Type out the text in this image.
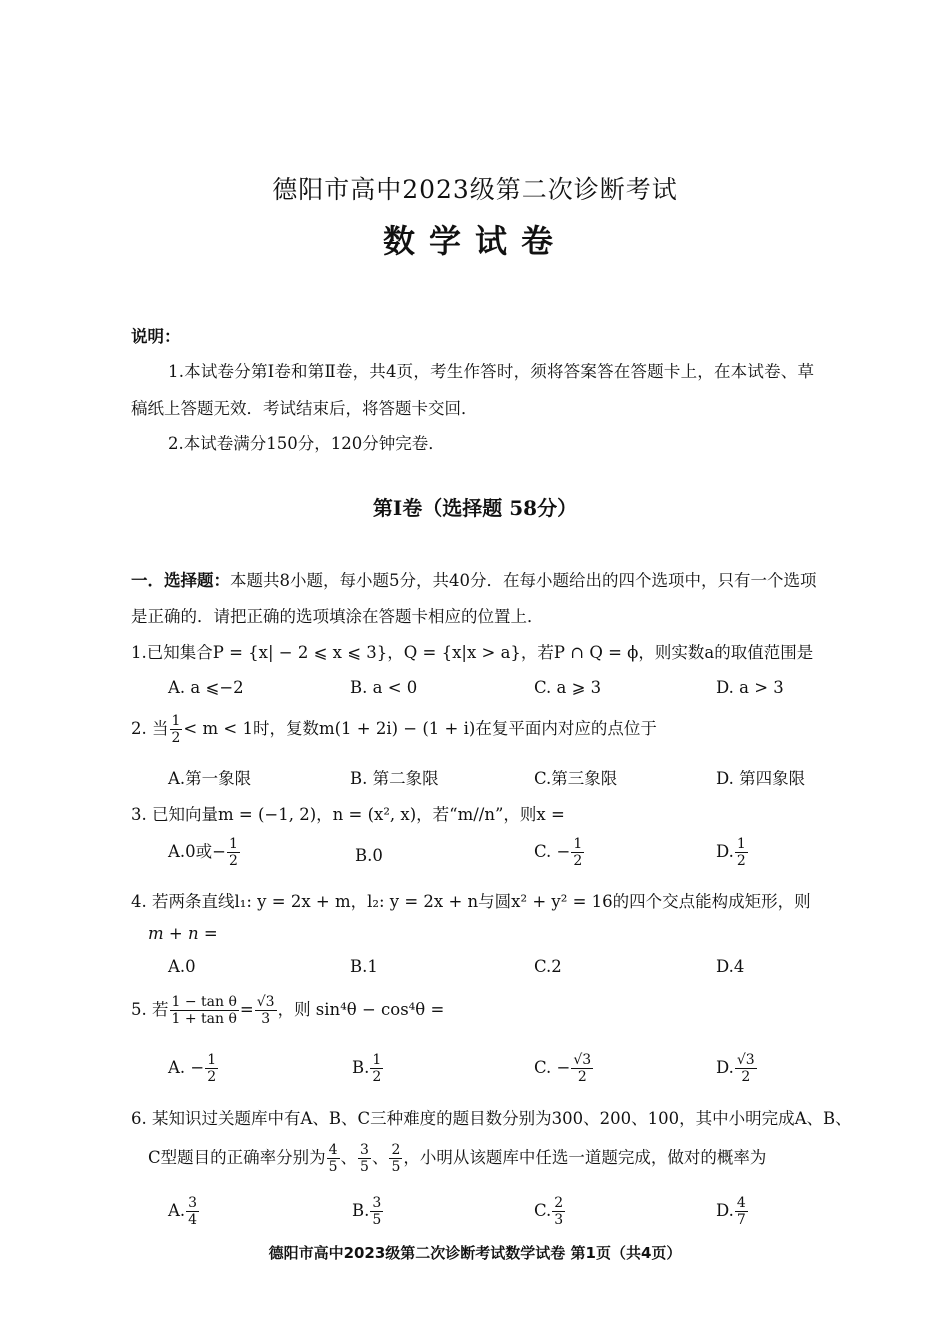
德阳市高中2023级第二次诊断考试
数学试卷
说明：
1.本试卷分第Ⅰ卷和第Ⅱ卷，共4页，考生作答时，须将答案答在答题卡上，在本试卷、草
稿纸上答题无效．考试结束后，将答题卡交回．
2.本试卷满分150分，120分钟完卷．
第Ⅰ卷（选择题 58分）
一．选择题：本题共8小题，每小题5分，共40分．在每小题给出的四个选项中，只有一个选项
是正确的．请把正确的选项填涂在答题卡相应的位置上．
1.已知集合P = {x| − 2 ⩽ x ⩽ 3}，Q = {x|x > a}，若P ∩ Q = ϕ，则实数a的取值范围是
A. a ⩽−2	B. a < 0	C. a ⩾ 3	D. a > 3
2. 当 $\frac{1}{2} < m < 1$时，复数m(1 + 2i) − (1 + i)在复平面内对应的点位于
A.第一象限	B. 第二象限	C.第三象限	D. 第四象限
3. 已知向量m = (−1, 2)，n = (x², x)，若“m//n”，则x =
A.0或− $\frac{1}{2}$	B.0	C. − $\frac{1}{2}$	D. $\frac{1}{2}$
4. 若两条直线l₁: y = 2x + m，l₂: y = 2x + n与圆x² + y² = 16的四个交点能构成矩形，则
m + n =
A.0	B.1	C.2	D.4
5. 若 $\frac{\text{1 − tan θ}}{\text{1 + tan θ}} = \frac{√3}{3}$ ，则 sin⁴θ − cos⁴θ =
A. − $\frac{1}{2}$	B. $\frac{1}{2}$	C. − $\frac{√3}{2}$	D. $\frac{√3}{2}$
6. 某知识过关题库中有A、B、C三种难度的题目数分别为300、200、100，其中小明完成A、B、
C型题目的正确率分别为 $\frac{4}{5}$ 、 $\frac{3}{5}$ 、 $\frac{2}{5}$ ，小明从该题库中任选一道题完成，做对的概率为
A. $\frac{3}{4}$	B. $\frac{3}{5}$	C. $\frac{2}{3}$	D. $\frac{4}{7}$
德阳市高中2023级第二次诊断考试数学试卷 第1页（共4页）
